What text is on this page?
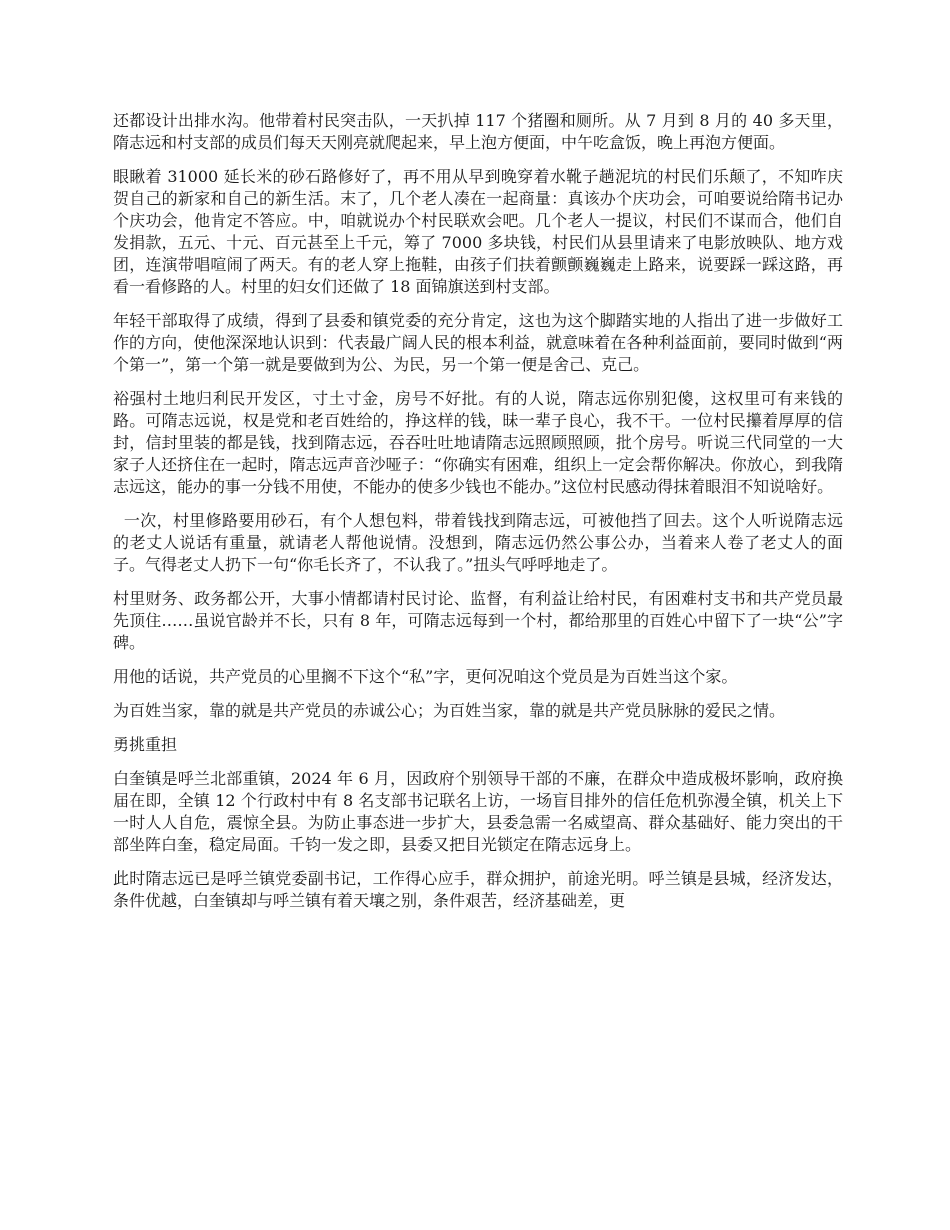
还都设计出排水沟。他带着村民突击队，一天扒掉 117 个猪圈和厕所。从 7 月到 8 月的 40 多天里，隋志远和村支部的成员们每天天刚亮就爬起来，早上泡方便面，中午吃盒饭，晚上再泡方便面。

眼瞅着 31000 延长米的砂石路修好了，再不用从早到晚穿着水靴子趟泥坑的村民们乐颠了，不知咋庆贺自己的新家和自己的新生活。末了，几个老人凑在一起商量：真该办个庆功会，可咱要说给隋书记办个庆功会，他肯定不答应。中，咱就说办个村民联欢会吧。几个老人一提议，村民们不谋而合，他们自发捐款，五元、十元、百元甚至上千元，筹了 7000 多块钱，村民们从县里请来了电影放映队、地方戏团，连演带唱喧闹了两天。有的老人穿上拖鞋，由孩子们扶着颤颤巍巍走上路来，说要踩一踩这路，再看一看修路的人。村里的妇女们还做了 18 面锦旗送到村支部。

年轻干部取得了成绩，得到了县委和镇党委的充分肯定，这也为这个脚踏实地的人指出了进一步做好工作的方向，使他深深地认识到：代表最广阔人民的根本利益，就意味着在各种利益面前，要同时做到“两个第一”，第一个第一就是要做到为公、为民，另一个第一便是舍己、克己。

裕强村土地归利民开发区，寸土寸金，房号不好批。有的人说，隋志远你别犯傻，这权里可有来钱的路。可隋志远说，权是党和老百姓给的，挣这样的钱，昧一辈子良心，我不干。一位村民攥着厚厚的信封，信封里装的都是钱，找到隋志远，吞吞吐吐地请隋志远照顾照顾，批个房号。听说三代同堂的一大家子人还挤住在一起时，隋志远声音沙哑子：“你确实有困难，组织上一定会帮你解决。你放心，到我隋志远这，能办的事一分钱不用使，不能办的使多少钱也不能办。”这位村民感动得抹着眼泪不知说啥好。

一次，村里修路要用砂石，有个人想包料，带着钱找到隋志远，可被他挡了回去。这个人听说隋志远的老丈人说话有重量，就请老人帮他说情。没想到，隋志远仍然公事公办，当着来人卷了老丈人的面子。气得老丈人扔下一句“你毛长齐了，不认我了。”扭头气呼呼地走了。

村里财务、政务都公开，大事小情都请村民讨论、监督，有利益让给村民，有困难村支书和共产党员最先顶住……虽说官龄并不长，只有 8 年，可隋志远每到一个村，都给那里的百姓心中留下了一块“公”字碑。

用他的话说，共产党员的心里搁不下这个“私”字，更何况咱这个党员是为百姓当这个家。

为百姓当家，靠的就是共产党员的赤诚公心；为百姓当家，靠的就是共产党员脉脉的爱民之情。

勇挑重担

白奎镇是呼兰北部重镇，2024 年 6 月，因政府个别领导干部的不廉，在群众中造成极坏影响，政府换届在即，全镇 12 个行政村中有 8 名支部书记联名上访，一场盲目排外的信任危机弥漫全镇，机关上下一时人人自危，震惊全县。为防止事态进一步扩大，县委急需一名威望高、群众基础好、能力突出的干部坐阵白奎，稳定局面。千钧一发之即，县委又把目光锁定在隋志远身上。

此时隋志远已是呼兰镇党委副书记，工作得心应手，群众拥护，前途光明。呼兰镇是县城，经济发达，条件优越，白奎镇却与呼兰镇有着天壤之别，条件艰苦，经济基础差，更
